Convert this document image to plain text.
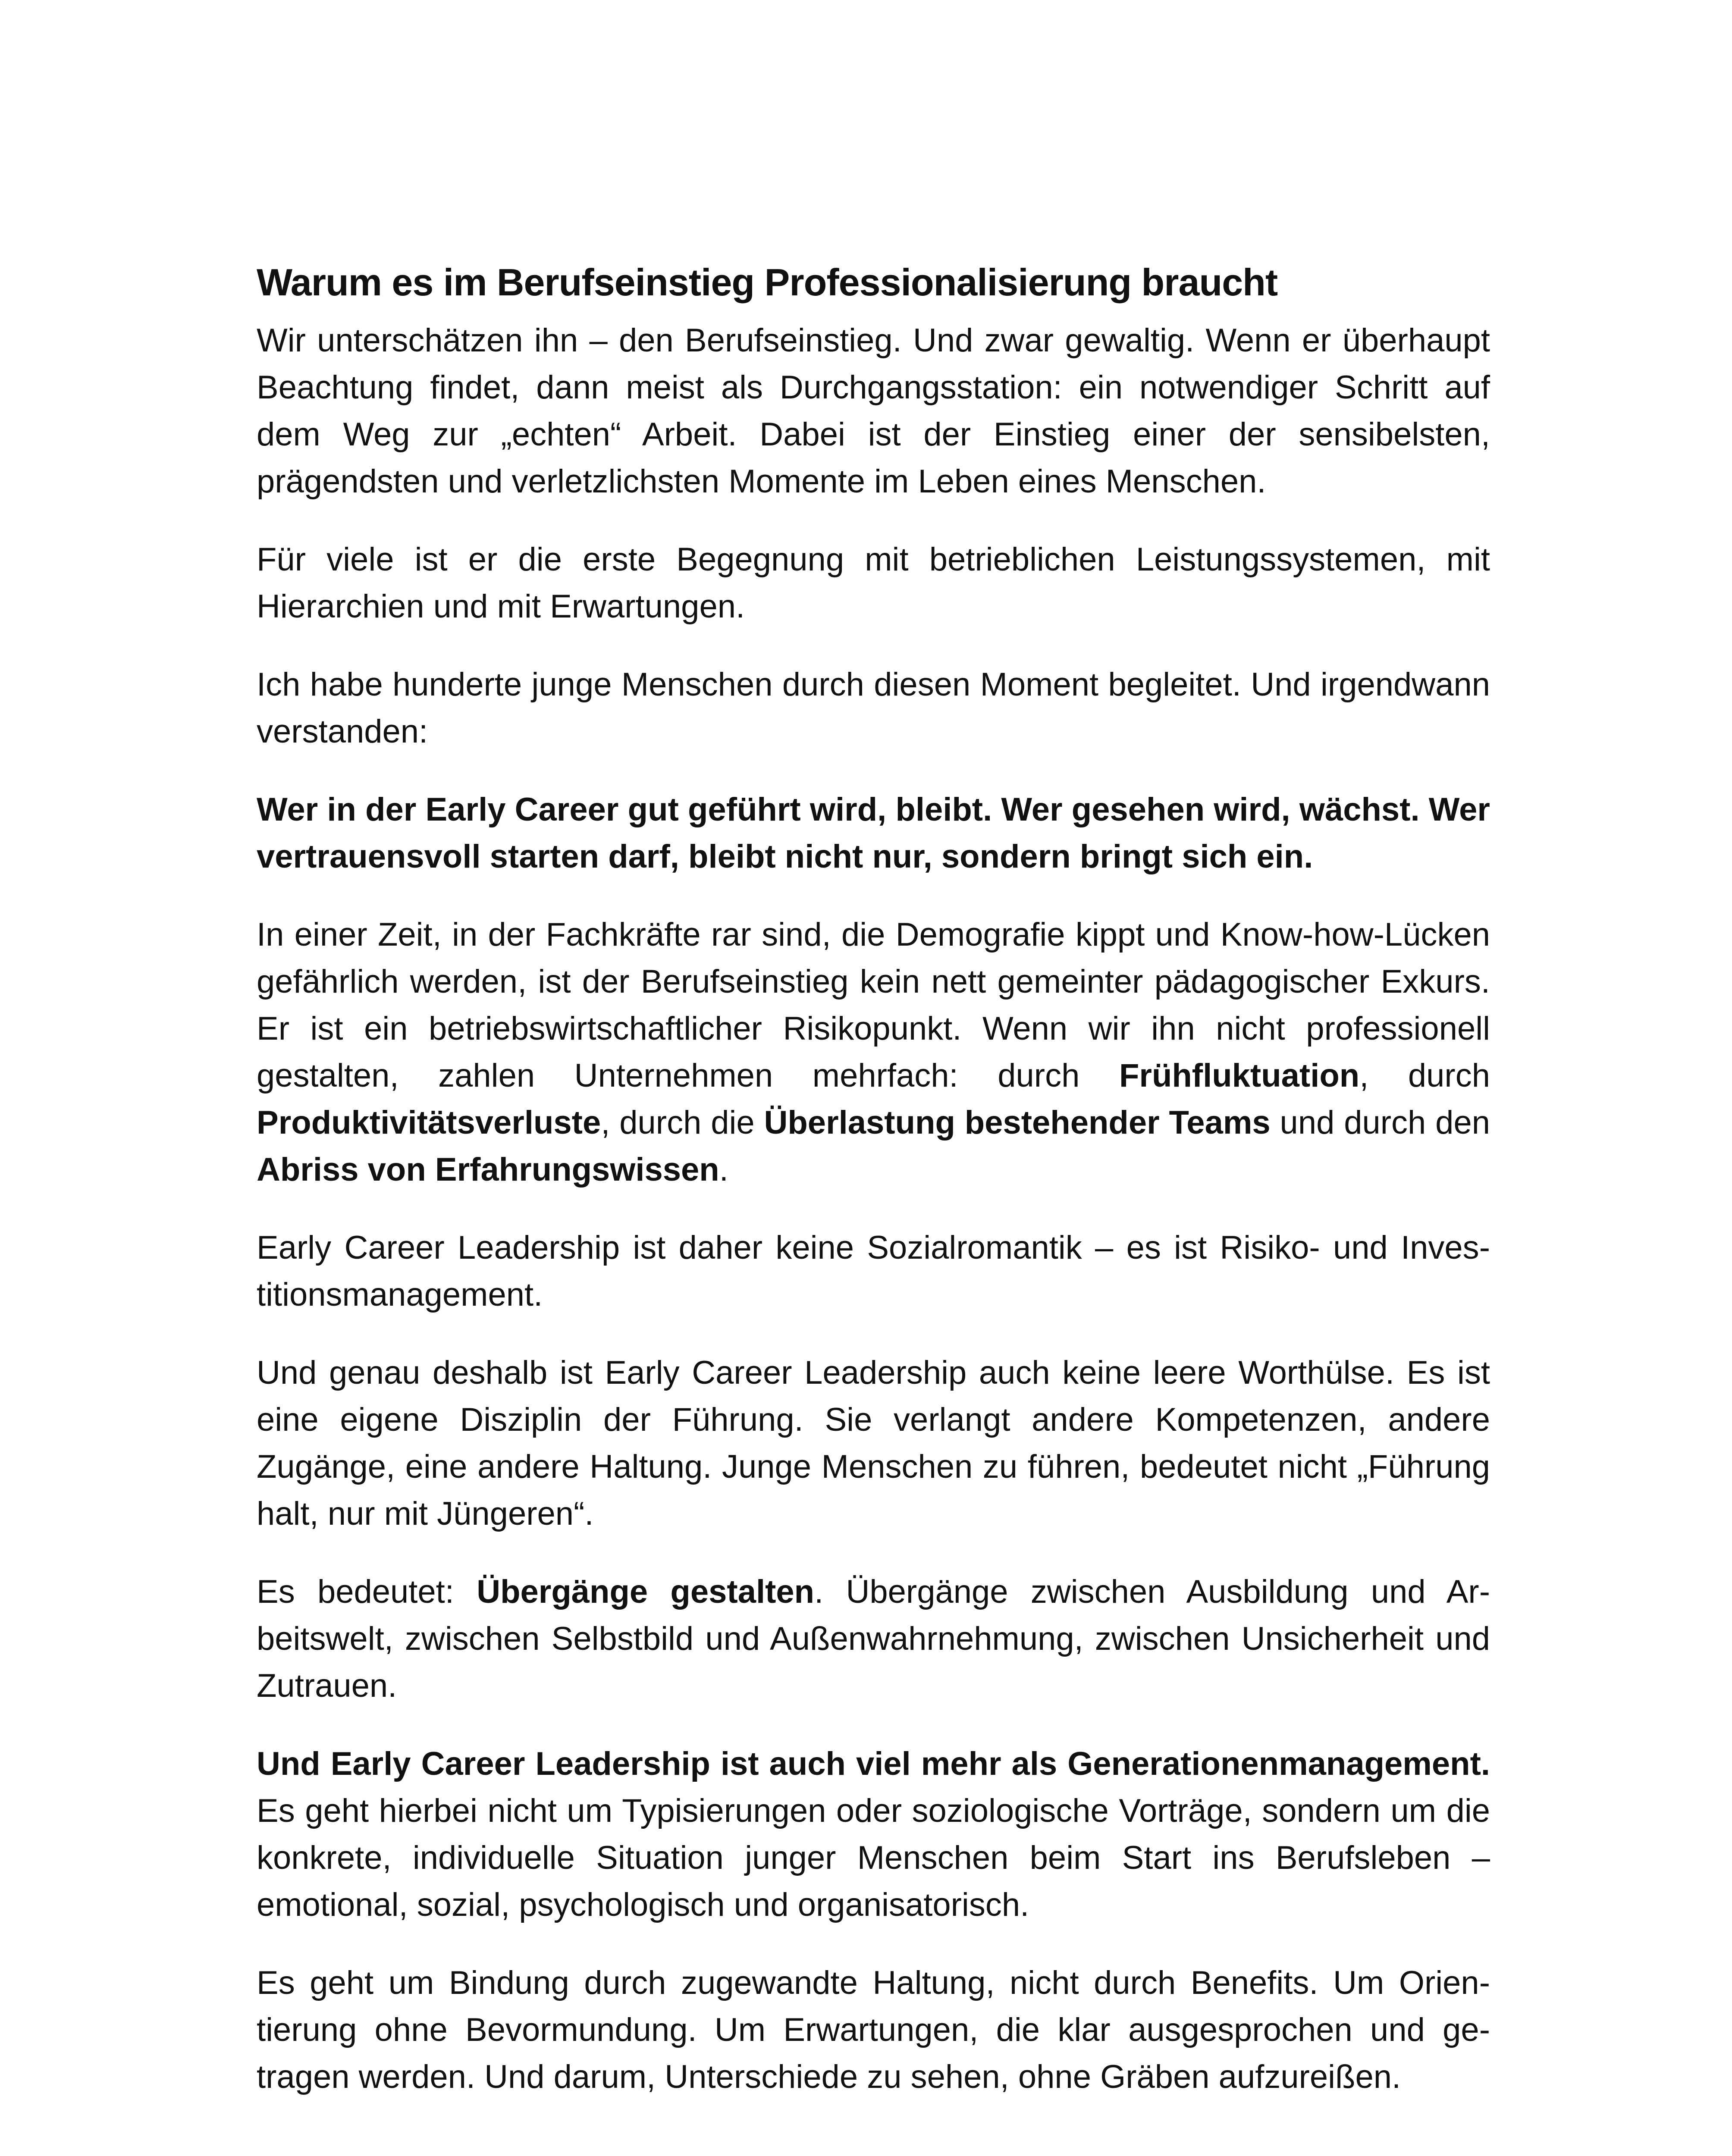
Warum es im Berufseinstieg Professionalisierung braucht

Wir unterschätzen ihn – den Berufseinstieg. Und zwar gewaltig. Wenn er überhaupt Beachtung findet, dann meist als Durchgangsstation: ein notwendiger Schritt auf dem Weg zur „echten“ Arbeit. Dabei ist der Einstieg einer der sensibelsten, prägendsten und verletzlichsten Momente im Leben eines Menschen.

Für viele ist er die erste Begegnung mit betrieblichen Leistungssystemen, mit Hierarchien und mit Erwartungen.

Ich habe hunderte junge Menschen durch diesen Moment begleitet. Und irgendwann verstanden:

Wer in der Early Career gut geführt wird, bleibt. Wer gesehen wird, wächst. Wer vertrauensvoll starten darf, bleibt nicht nur, sondern bringt sich ein.

In einer Zeit, in der Fachkräfte rar sind, die Demografie kippt und Know-how-Lücken gefährlich werden, ist der Berufseinstieg kein nett gemeinter pädagogischer Exkurs. Er ist ein betriebswirtschaftlicher Risikopunkt. Wenn wir ihn nicht professionell gestalten, zahlen Unternehmen mehrfach: durch Frühfluktuation, durch Produktivitätsverluste, durch die Überlastung bestehender Teams und durch den Abriss von Erfahrungswissen.

Early Career Leadership ist daher keine Sozialromantik – es ist Risiko- und Investitionsmanagement.

Und genau deshalb ist Early Career Leadership auch keine leere Worthülse. Es ist eine eigene Disziplin der Führung. Sie verlangt andere Kompetenzen, andere Zugänge, eine andere Haltung. Junge Menschen zu führen, bedeutet nicht „Führung halt, nur mit Jüngeren“.

Es bedeutet: Übergänge gestalten. Übergänge zwischen Ausbildung und Arbeitswelt, zwischen Selbstbild und Außenwahrnehmung, zwischen Unsicherheit und Zutrauen.

Und Early Career Leadership ist auch viel mehr als Generationenmanagement. Es geht hierbei nicht um Typisierungen oder soziologische Vorträge, sondern um die konkrete, individuelle Situation junger Menschen beim Start ins Berufsleben – emotional, sozial, psychologisch und organisatorisch.

Es geht um Bindung durch zugewandte Haltung, nicht durch Benefits. Um Orientierung ohne Bevormundung. Um Erwartungen, die klar ausgesprochen und getragen werden. Und darum, Unterschiede zu sehen, ohne Gräben aufzureißen.
